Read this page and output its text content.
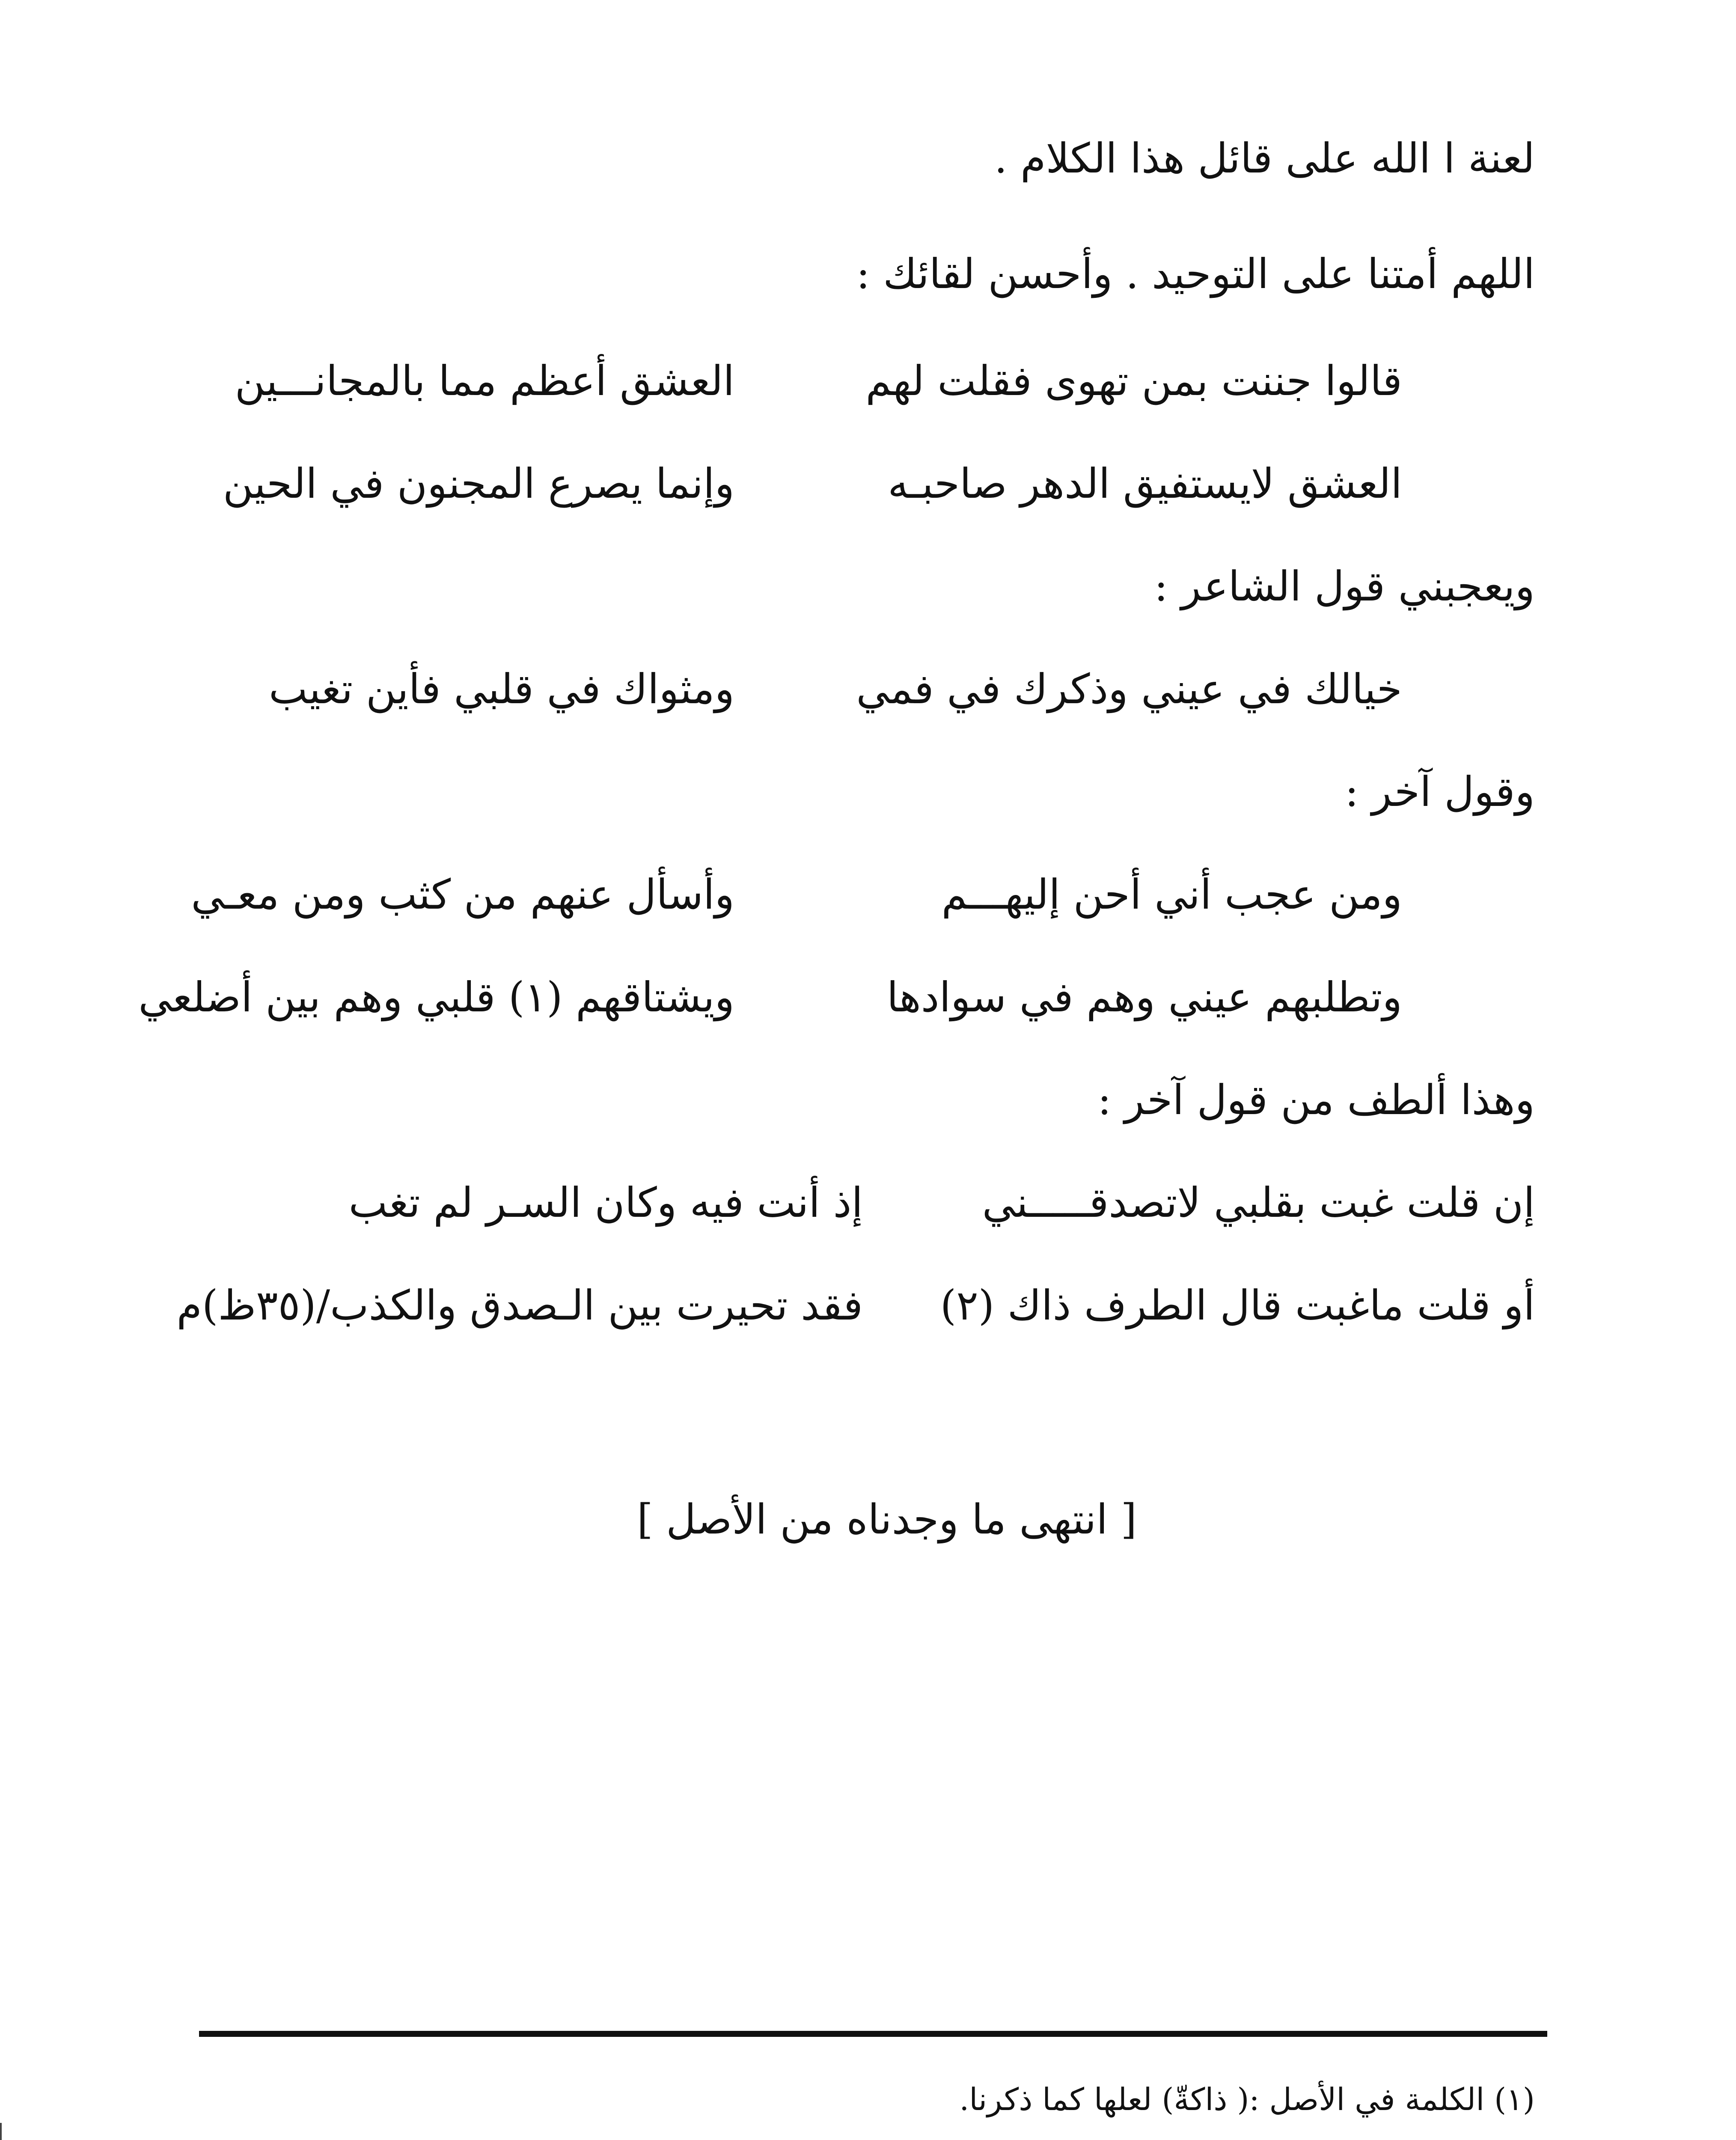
لعنة ا الله على قائل هذا الكلام .
اللهم أمتنا على التوحيد . وأحسن لقائك :
قالوا جننت بمن تهوى فقلت لهم
العشق أعظم مما بالمجانـــين
العشق لايستفيق الدهر صاحبـه
وإنما يصرع المجنون في الحين
ويعجبني قول الشاعر :
خيالك في عيني وذكرك في فمي
ومثواك في قلبي فأين تغيب
وقول آخر :
ومن عجب أني أحن إليهـــم
وأسأل عنهم من كثب ومن معـي
وتطلبهم عيني وهم في سوادها
ويشتاقهم (١) قلبي وهم بين أضلعي
وهذا ألطف من قول آخر :
إن قلت غبت بقلبي لاتصدقـــــني
إذ أنت فيه وكان السـر لم تغب
أو قلت ماغبت قال الطرف ذاك (٢)
فقد تحيرت بين الـصدق والكذب/(٣٥ظ)م
[ انتهى ما وجدناه من الأصل ]
(١) الكلمة في الأصل :( ذاكةّ) لعلها كما ذكرنا.
